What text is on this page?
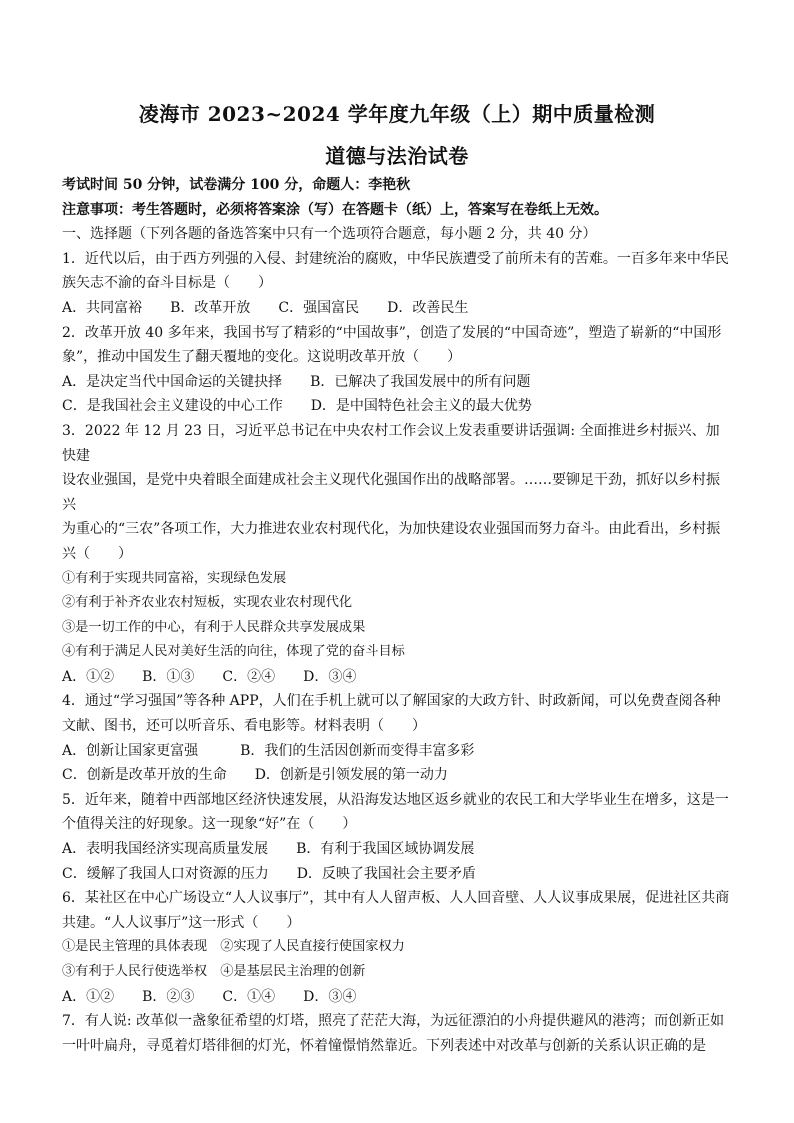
凌海市 2023~2024 学年度九年级（上）期中质量检测
道德与法治试卷

考试时间 50 分钟，试卷满分 100 分，命题人：李艳秋

注意事项：考生答题时，必须将答案涂（写）在答题卡（纸）上，答案写在卷纸上无效。

一、选择题（下列各题的备选答案中只有一个选项符合题意，每小题 2 分，共 40 分）

1．近代以后，由于西方列强的入侵、封建统治的腐败，中华民族遭受了前所未有的苦难。一百多年来中华民

族矢志不渝的奋斗目标是（　　）

A．共同富裕　　B．改革开放　　C．强国富民　　D．改善民生

2．改革开放 40 多年来，我国书写了精彩的“中国故事”，创造了发展的“中国奇迹”，塑造了崭新的“中国形

象”，推动中国发生了翻天覆地的变化。这说明改革开放（　　）

A．是决定当代中国命运的关键抉择　　B．已解决了我国发展中的所有问题

C．是我国社会主义建设的中心工作　　D．是中国特色社会主义的最大优势

3．2022 年 12 月 23 日，习近平总书记在中央农村工作会议上发表重要讲话强调: 全面推进乡村振兴、加快建

设农业强国，是党中央着眼全面建成社会主义现代化强国作出的战略部署。……要铆足干劲，抓好以乡村振兴

为重心的“三农”各项工作，大力推进农业农村现代化，为加快建设农业强国而努力奋斗。由此看出，乡村振

兴（　　）

①有利于实现共同富裕，实现绿色发展

②有利于补齐农业农村短板，实现农业农村现代化

③是一切工作的中心，有利于人民群众共享发展成果

④有利于满足人民对美好生活的向往，体现了党的奋斗目标

A．①②　　B．①③　　C．②④　　D．③④

4．通过“学习强国”等各种 APP，人们在手机上就可以了解国家的大政方针、时政新闻，可以免费查阅各种

文献、图书，还可以听音乐、看电影等。材料表明（　　）

A．创新让国家更富强　　　B．我们的生活因创新而变得丰富多彩

C．创新是改革开放的生命　　D．创新是引领发展的第一动力

5．近年来，随着中西部地区经济快速发展，从沿海发达地区返乡就业的农民工和大学毕业生在增多，这是一

个值得关注的好现象。这一现象“好”在（　　）

A．表明我国经济实现高质量发展　　B．有利于我国区域协调发展

C．缓解了我国人口对资源的压力　　D．反映了我国社会主要矛盾

6．某社区在中心广场设立“人人议事厅”，其中有人人留声板、人人回音壁、人人议事成果展，促进社区共商

共建。“人人议事厅”这一形式（　　）

①是民主管理的具体表现　②实现了人民直接行使国家权力

③有利于人民行使选举权　④是基层民主治理的创新

A．①②　　B．②③　　C．①④　　D．③④

7．有人说: 改革似一盏象征希望的灯塔，照亮了茫茫大海，为远征漂泊的小舟提供避风的港湾；而创新正如

一叶叶扁舟，寻觅着灯塔徘徊的灯光，怀着憧憬悄然靠近。下列表述中对改革与创新的关系认识正确的是
